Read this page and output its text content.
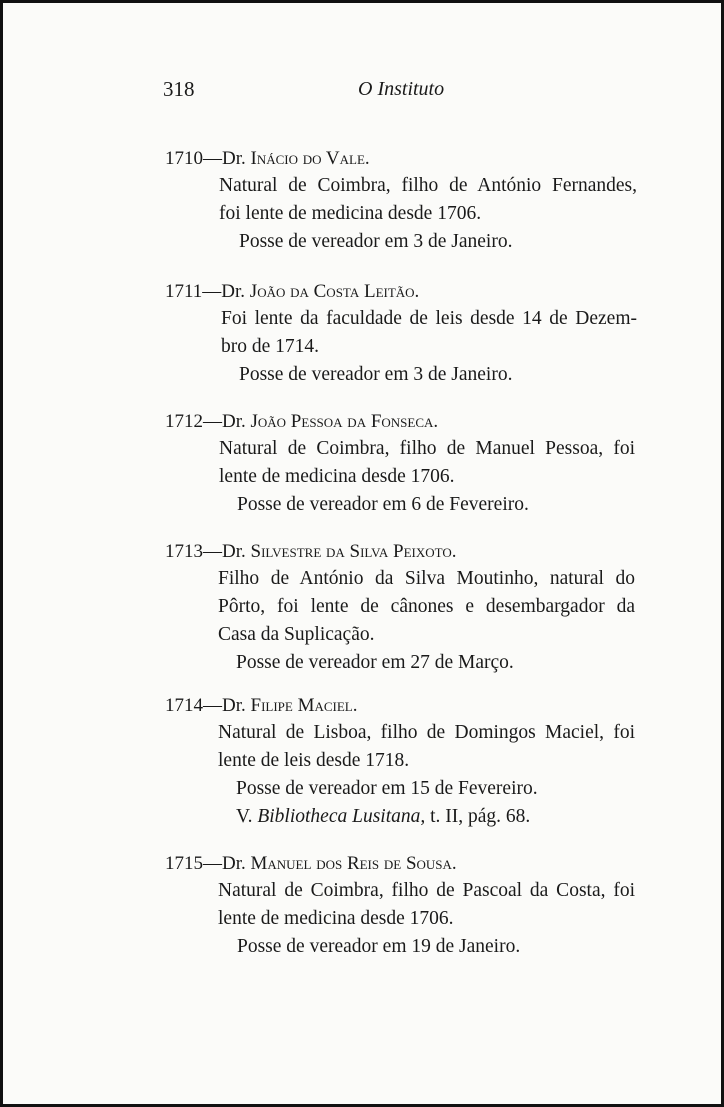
318	O Instituto
1710—Dr. Inácio do Vale.
Natural de Coimbra, filho de António Fernandes,
foi lente de medicina desde 1706.
Posse de vereador em 3 de Janeiro.
1711—Dr. João da Costa Leitão.
Foi lente da faculdade de leis desde 14 de Dezem-
bro de 1714.
Posse de vereador em 3 de Janeiro.
1712—Dr. João Pessoa da Fonseca.
Natural de Coimbra, filho de Manuel Pessoa, foi
lente de medicina desde 1706.
Posse de vereador em 6 de Fevereiro.
1713—Dr. Silvestre da Silva Peixoto.
Filho de António da Silva Moutinho, natural do
Pôrto, foi lente de cânones e desembargador da
Casa da Suplicação.
Posse de vereador em 27 de Março.
1714—Dr. Filipe Maciel.
Natural de Lisboa, filho de Domingos Maciel, foi
lente de leis desde 1718.
Posse de vereador em 15 de Fevereiro.
V. Bibliotheca Lusitana, t. II, pág. 68.
1715—Dr. Manuel dos Reis de Sousa.
Natural de Coimbra, filho de Pascoal da Costa, foi
lente de medicina desde 1706.
Posse de vereador em 19 de Janeiro.
